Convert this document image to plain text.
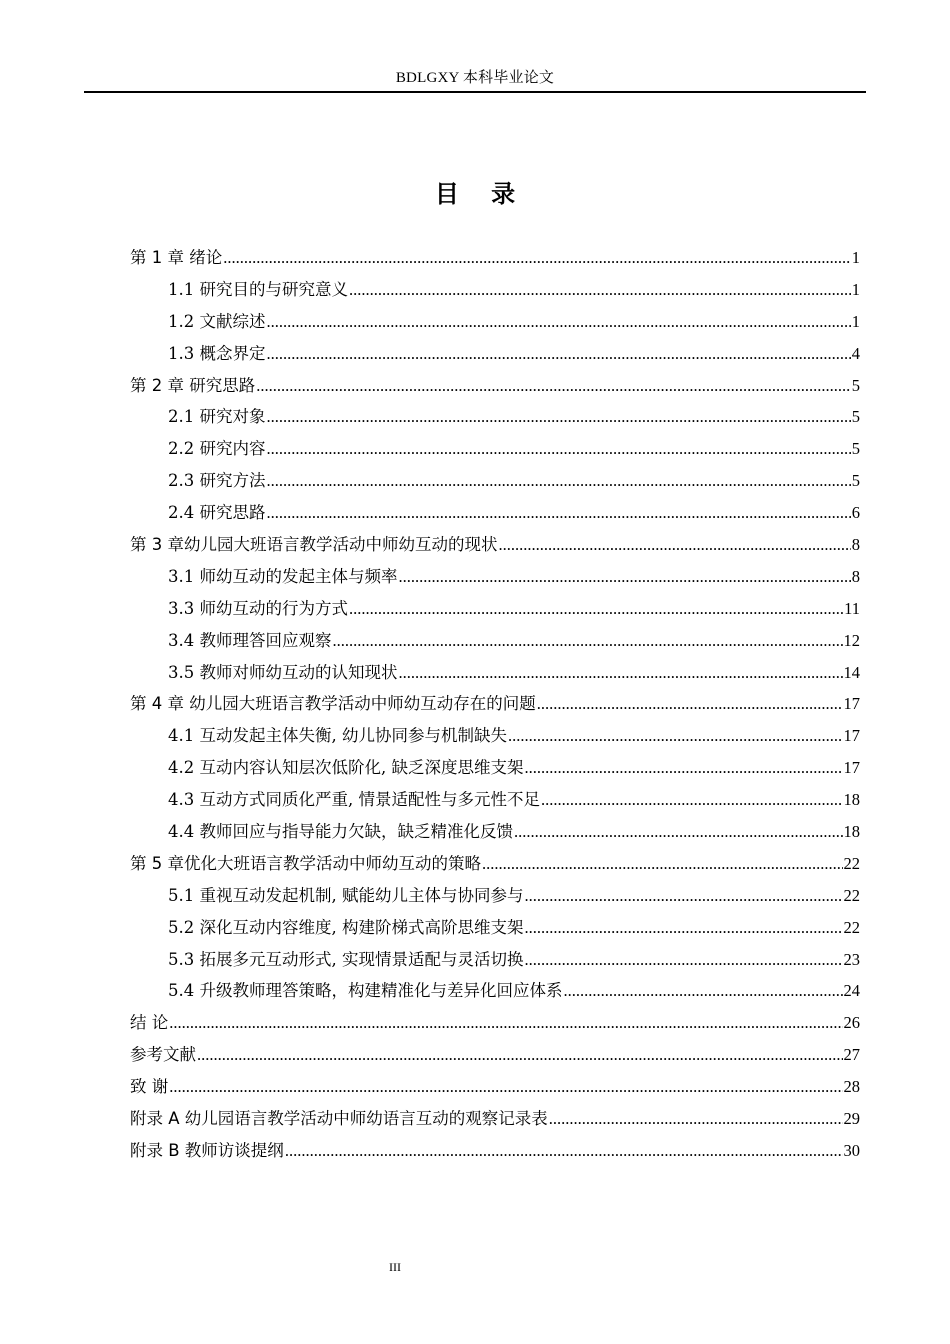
BDLGXY 本科毕业论文
目 录
第 1 章 绪论 .....	1
1.1 研究目的与研究意义 .....	1
1.2 文献综述 .....	1
1.3 概念界定 .....	4
第 2 章 研究思路 .....	5
2.1 研究对象 .....	5
2.2 研究内容 .....	5
2.3 研究方法 .....	5
2.4 研究思路 .....	6
第 3 章幼儿园大班语言教学活动中师幼互动的现状 .....	8
3.1 师幼互动的发起主体与频率 .....	8
3.3 师幼互动的行为方式 .....	11
3.4 教师理答回应观察 .....	12
3.5 教师对师幼互动的认知现状 .....	14
第 4 章 幼儿园大班语言教学活动中师幼互动存在的问题 .....	17
4.1 互动发起主体失衡, 幼儿协同参与机制缺失 .....	17
4.2 互动内容认知层次低阶化, 缺乏深度思维支架 .....	17
4.3 互动方式同质化严重, 情景适配性与多元性不足 .....	18
4.4 教师回应与指导能力欠缺，缺乏精准化反馈 .....	18
第 5 章优化大班语言教学活动中师幼互动的策略 .....	22
5.1 重视互动发起机制, 赋能幼儿主体与协同参与 .....	22
5.2 深化互动内容维度, 构建阶梯式高阶思维支架 .....	22
5.3 拓展多元互动形式, 实现情景适配与灵活切换 .....	23
5.4 升级教师理答策略，构建精准化与差异化回应体系 .....	24
结 论 .....	26
参考文献 .....	27
致 谢 .....	28
附录 A 幼儿园语言教学活动中师幼语言互动的观察记录表 .....	29
附录 B 教师访谈提纲 .....	30
III
